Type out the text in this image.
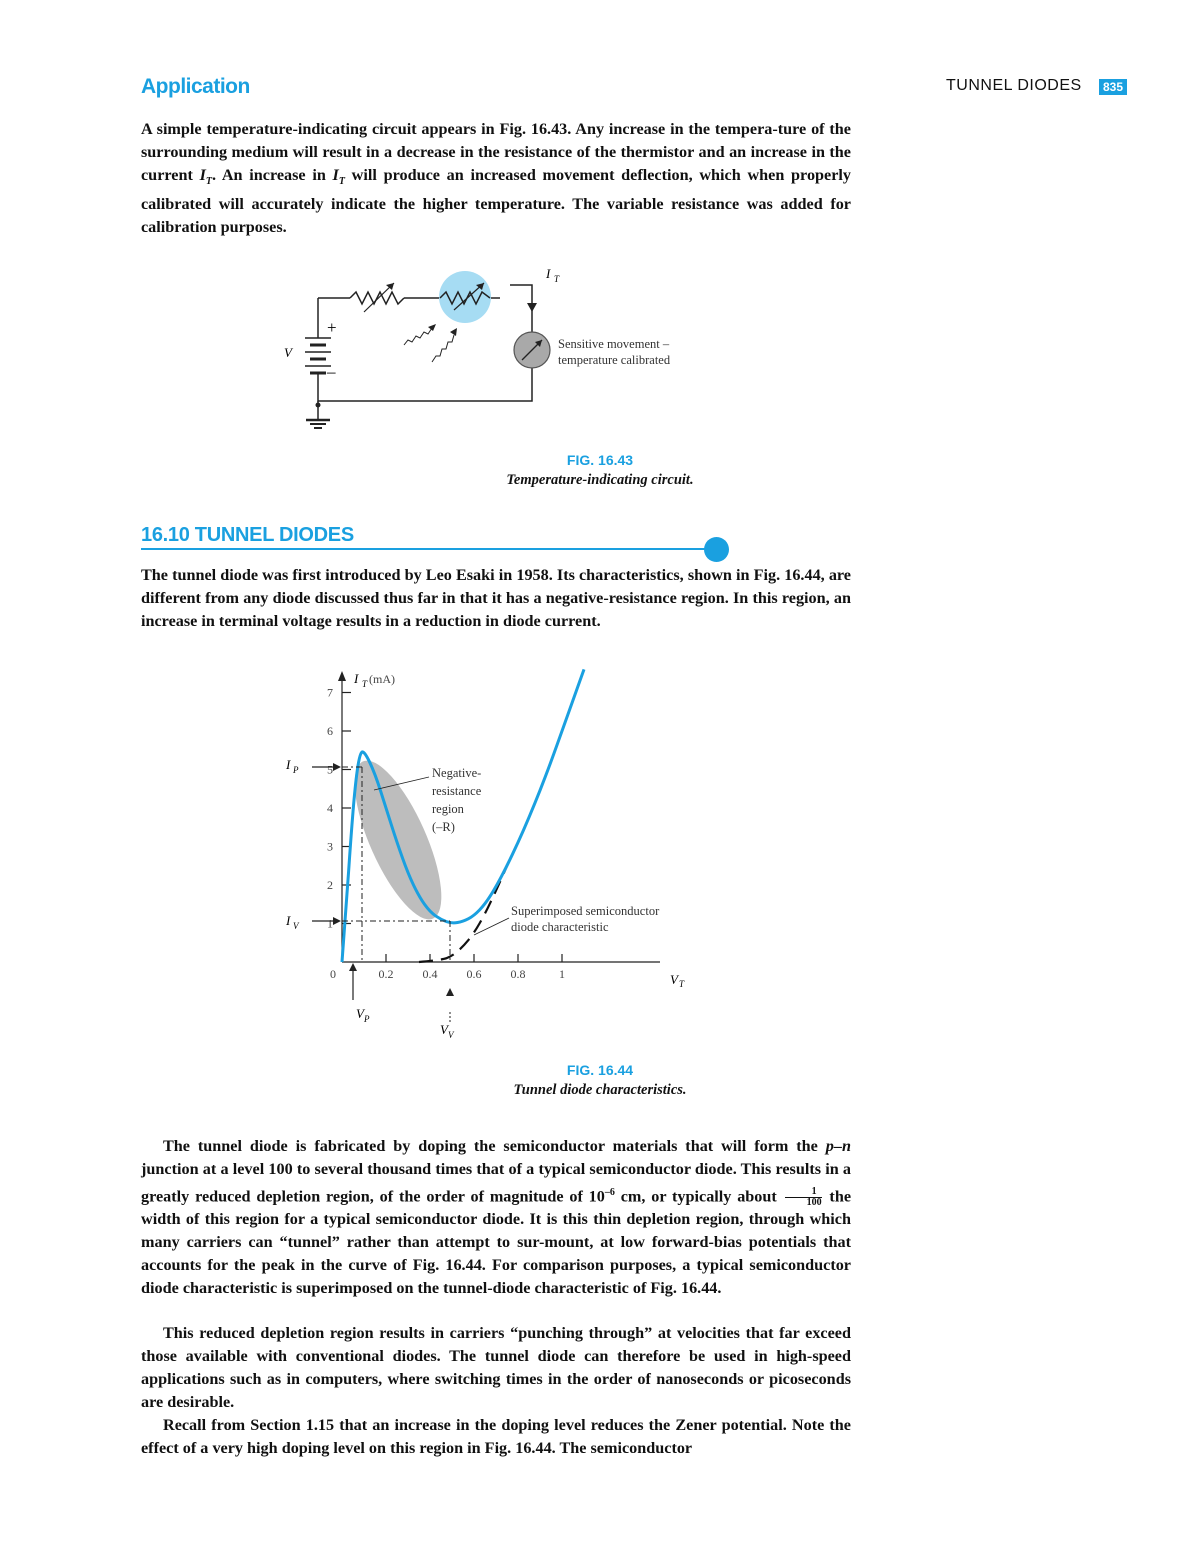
Application	TUNNEL DIODES	835
A simple temperature-indicating circuit appears in Fig. 16.43. Any increase in the tempera-ture of the surrounding medium will result in a decrease in the resistance of the thermistor and an increase in the current $I_T$. An increase in $I_T$ will produce an increased movement deflection, which when properly calibrated will accurately indicate the higher temperature. The variable resistance was added for calibration purposes.
I T
+
–
V
Sensitive movement –
temperature calibrated
FIG. 16.43
Temperature-indicating circuit.
16.10 TUNNEL DIODES
The tunnel diode was first introduced by Leo Esaki in 1958. Its characteristics, shown in Fig. 16.44, are different from any diode discussed thus far in that it has a negative-resistance region. In this region, an increase in terminal voltage results in a reduction in diode current.
1
2
3
4
5
6
7
0	0.2 0.4 0.6 0.8	1
I T (mA)
V T
I P
I V
V P
V V
Negative-
resistance
region
(–R)
Superimposed semiconductor
diode characteristic
FIG. 16.44
Tunnel diode characteristics.
The tunnel diode is fabricated by doping the semiconductor materials that will form the p–n junction at a level 100 to several thousand times that of a typical semiconductor diode. This results in a greatly reduced depletion region, of the order of magnitude of $10^{-6}$ cm, or typically about $\frac{1}{100}$ the width of this region for a typical semiconductor diode. It is this thin depletion region, through which many carriers can “tunnel” rather than attempt to sur-mount, at low forward-bias potentials that accounts for the peak in the curve of Fig. 16.44. For comparison purposes, a typical semiconductor diode characteristic is superimposed on the tunnel-diode characteristic of Fig. 16.44.
This reduced depletion region results in carriers “punching through” at velocities that far exceed those available with conventional diodes. The tunnel diode can therefore be used in high-speed applications such as in computers, where switching times in the order of nanoseconds or picoseconds are desirable.
Recall from Section 1.15 that an increase in the doping level reduces the Zener potential. Note the effect of a very high doping level on this region in Fig. 16.44. The semiconductor
